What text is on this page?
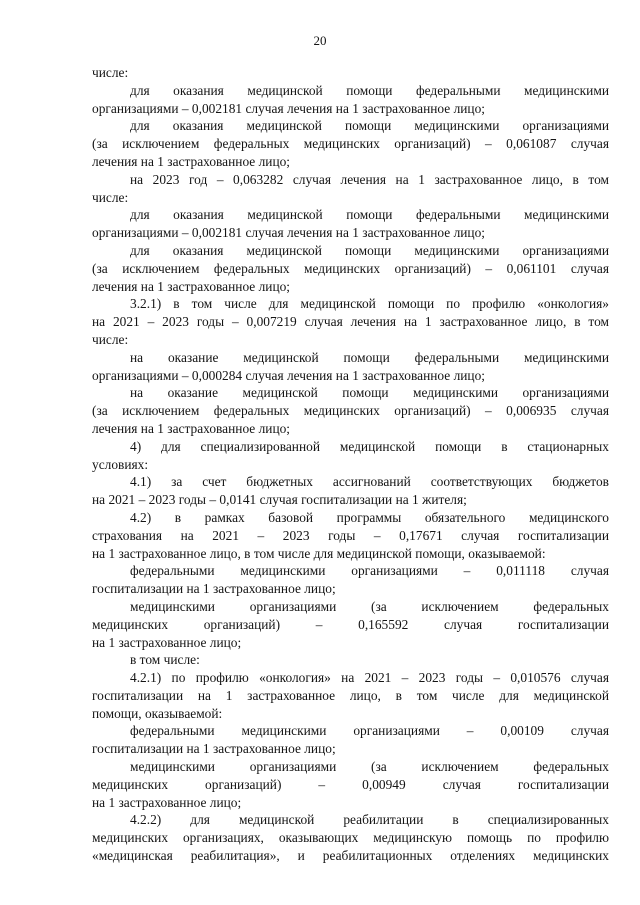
20
числе:
для оказания медицинской помощи федеральными медицинскими
организациями – 0,002181 случая лечения на 1 застрахованное лицо;
для оказания медицинской помощи медицинскими организациями
(за исключением федеральных медицинских организаций) – 0,061087 случая
лечения на 1 застрахованное лицо;
на 2023 год – 0,063282 случая лечения на 1 застрахованное лицо, в том
числе:
для оказания медицинской помощи федеральными медицинскими
организациями – 0,002181 случая лечения на 1 застрахованное лицо;
для оказания медицинской помощи медицинскими организациями
(за исключением федеральных медицинских организаций) – 0,061101 случая
лечения на 1 застрахованное лицо;
3.2.1) в том числе для медицинской помощи по профилю «онкология»
на 2021 – 2023 годы – 0,007219 случая лечения на 1 застрахованное лицо, в том
числе:
на оказание медицинской помощи федеральными медицинскими
организациями – 0,000284 случая лечения на 1 застрахованное лицо;
на оказание медицинской помощи медицинскими организациями
(за исключением федеральных медицинских организаций) – 0,006935 случая
лечения на 1 застрахованное лицо;
4) для специализированной медицинской помощи в стационарных
условиях:
4.1) за счет бюджетных ассигнований соответствующих бюджетов
на 2021 – 2023 годы – 0,0141 случая госпитализации на 1 жителя;
4.2) в рамках базовой программы обязательного медицинского
страхования на 2021 – 2023 годы – 0,17671 случая госпитализации
на 1 застрахованное лицо, в том числе для медицинской помощи, оказываемой:
федеральными медицинскими организациями – 0,011118 случая
госпитализации на 1 застрахованное лицо;
медицинскими организациями (за исключением федеральных
медицинских организаций) – 0,165592 случая госпитализации
на 1 застрахованное лицо;
в том числе:
4.2.1) по профилю «онкология» на 2021 – 2023 годы – 0,010576 случая
госпитализации на 1 застрахованное лицо, в том числе для медицинской
помощи, оказываемой:
федеральными медицинскими организациями – 0,00109 случая
госпитализации на 1 застрахованное лицо;
медицинскими организациями (за исключением федеральных
медицинских организаций) – 0,00949 случая госпитализации
на 1 застрахованное лицо;
4.2.2) для медицинской реабилитации в специализированных
медицинских организациях, оказывающих медицинскую помощь по профилю
«медицинская реабилитация», и реабилитационных отделениях медицинских
